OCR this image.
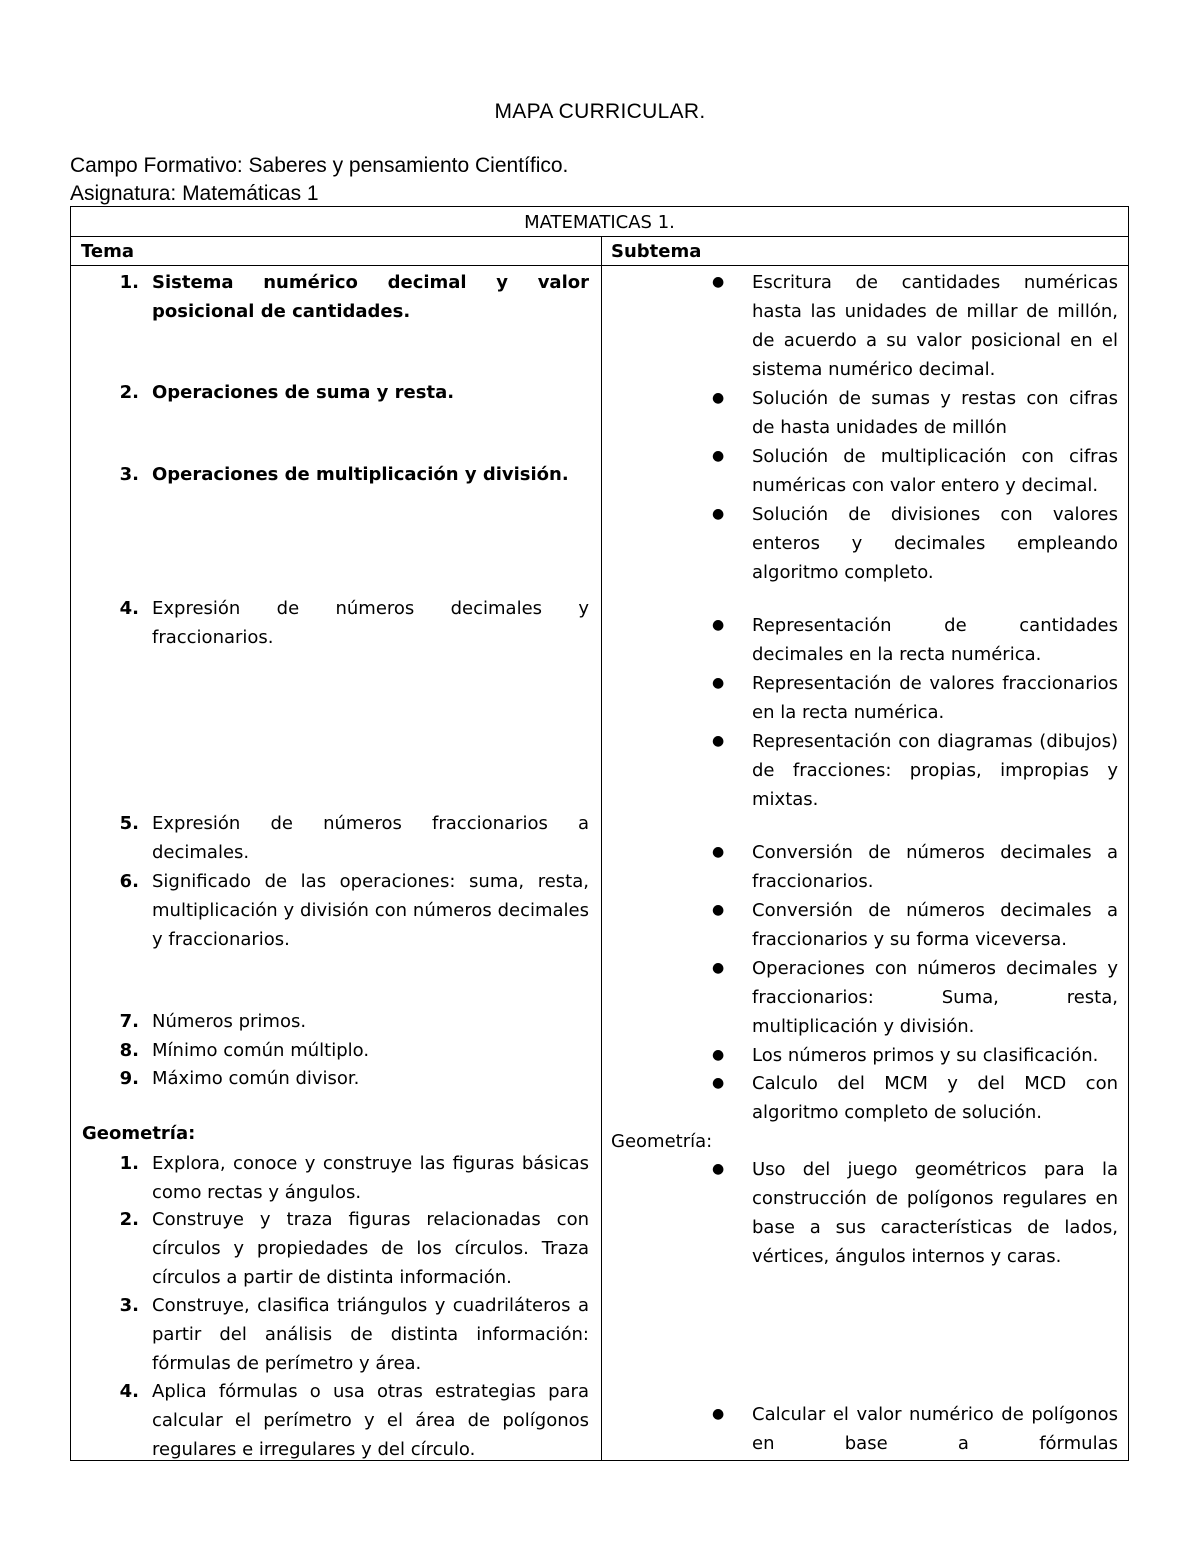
MAPA CURRICULAR.
Campo Formativo: Saberes y pensamiento Científico.
Asignatura: Matemáticas 1
MATEMATICAS 1.
Tema	Subtema
1. Sistema numérico decimal y valor posicional de cantidades.
2. Operaciones de suma y resta.
3. Operaciones de multiplicación y división.
4. Expresión de números decimales y fraccionarios.
5. Expresión de números fraccionarios a decimales.
6. Significado de las operaciones: suma, resta, multiplicación y división con números decimales y fraccionarios.
7. Números primos.
8. Mínimo común múltiplo.
9. Máximo común divisor.
Geometría:
1. Explora, conoce y construye las figuras básicas como rectas y ángulos.
2. Construye y traza figuras relacionadas con círculos y propiedades de los círculos. Traza círculos a partir de distinta información.
3. Construye, clasifica triángulos y cuadriláteros a partir del análisis de distinta información: fórmulas de perímetro y área.
4. Aplica fórmulas o usa otras estrategias para calcular el perímetro y el área de polígonos regulares e irregulares y del círculo.
● Escritura de cantidades numéricas hasta las unidades de millar de millón, de acuerdo a su valor posicional en el sistema numérico decimal.
● Solución de sumas y restas con cifras de hasta unidades de millón
● Solución de multiplicación con cifras numéricas con valor entero y decimal.
● Solución de divisiones con valores enteros y decimales empleando algoritmo completo.
● Representación de cantidades decimales en la recta numérica.
● Representación de valores fraccionarios en la recta numérica.
● Representación con diagramas (dibujos) de fracciones: propias, impropias y mixtas.
● Conversión de números decimales a fraccionarios.
● Conversión de números decimales a fraccionarios y su forma viceversa.
● Operaciones con números decimales y fraccionarios: Suma, resta, multiplicación y división.
● Los números primos y su clasificación.
● Calculo del MCM y del MCD con algoritmo completo de solución.
Geometría:
● Uso del juego geométricos para la construcción de polígonos regulares en base a sus características de lados, vértices, ángulos internos y caras.
● Calcular el valor numérico de polígonos en base a fórmulas
